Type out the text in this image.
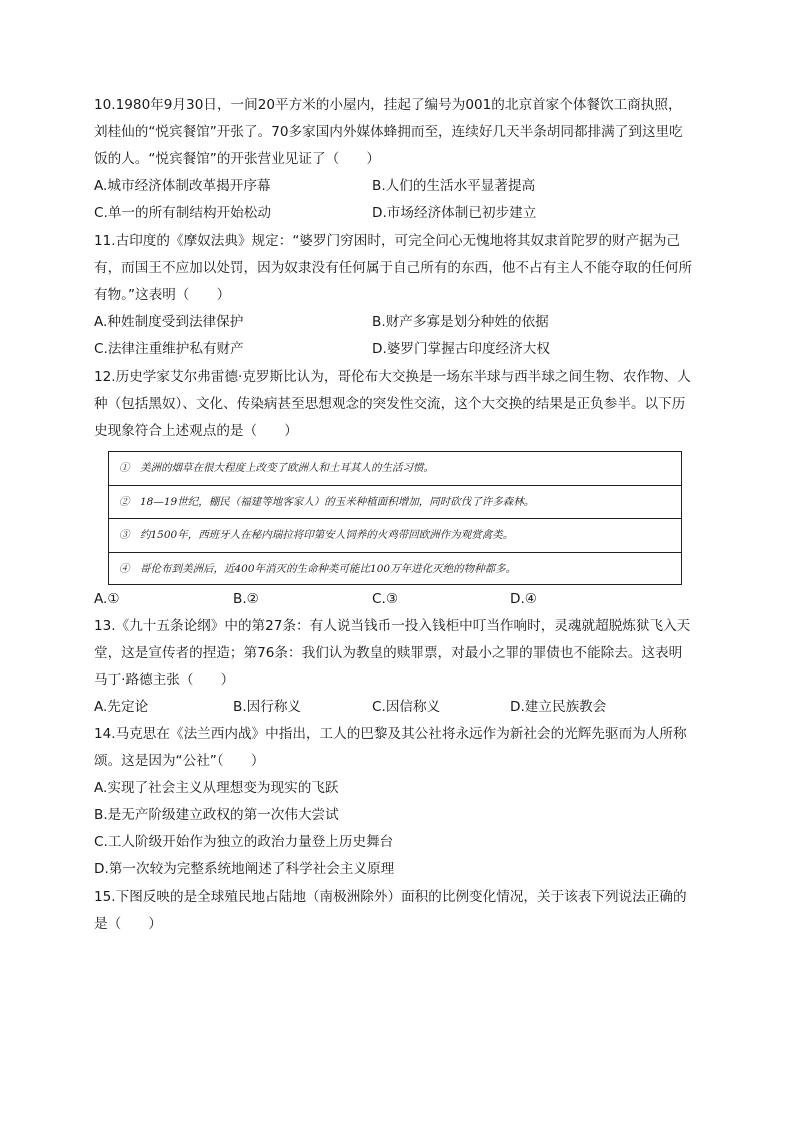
10.1980年9月30日，一间20平方米的小屋内，挂起了编号为001的北京首家个体餐饮工商执照，刘桂仙的“悦宾餐馆”开张了。70多家国内外媒体蜂拥而至，连续好几天半条胡同都排满了到这里吃饭的人。“悦宾餐馆”的开张营业见证了（　　）
A.城市经济体制改革揭开序幕	B.人们的生活水平显著提高
C.单一的所有制结构开始松动	D.市场经济体制已初步建立
11.古印度的《摩奴法典》规定：“婆罗门穷困时，可完全问心无愧地将其奴隶首陀罗的财产据为己有，而国王不应加以处罚，因为奴隶没有任何属于自己所有的东西，他不占有主人不能夺取的任何所有物。”这表明（　　）
A.种姓制度受到法律保护	B.财产多寡是划分种姓的依据
C.法律注重维护私有财产	D.婆罗门掌握古印度经济大权
12.历史学家艾尔弗雷德·克罗斯比认为，哥伦布大交换是一场东半球与西半球之间生物、农作物、人种（包括黑奴）、文化、传染病甚至思想观念的突发性交流，这个大交换的结果是正负参半。以下历史现象符合上述观点的是（　　）
①　美洲的烟草在很大程度上改变了欧洲人和土耳其人的生活习惯。
②　18—19世纪，棚民（福建等地客家人）的玉米种植面积增加，同时砍伐了许多森林。
③　约1500年，西班牙人在秘内瑞拉将印第安人饲养的火鸡带回欧洲作为观赏禽类。
④　哥伦布到美洲后，近400年消灭的生命种类可能比100万年进化灭绝的物种都多。
A.①	B.②	C.③	D.④
13.《九十五条论纲》中的第27条：有人说当钱币一投入钱柜中叮当作响时，灵魂就超脱炼狱飞入天堂，这是宣传者的捏造；第76条：我们认为教皇的赎罪票，对最小之罪的罪债也不能除去。这表明马丁·路德主张（　　）
A.先定论	B.因行称义	C.因信称义	D.建立民族教会
14.马克思在《法兰西内战》中指出，工人的巴黎及其公社将永远作为新社会的光辉先驱而为人所称颂。这是因为“公社”（　　）
A.实现了社会主义从理想变为现实的飞跃
B.是无产阶级建立政权的第一次伟大尝试
C.工人阶级开始作为独立的政治力量登上历史舞台
D.第一次较为完整系统地阐述了科学社会主义原理
15.下图反映的是全球殖民地占陆地（南极洲除外）面积的比例变化情况，关于该表下列说法正确的是（　　）
